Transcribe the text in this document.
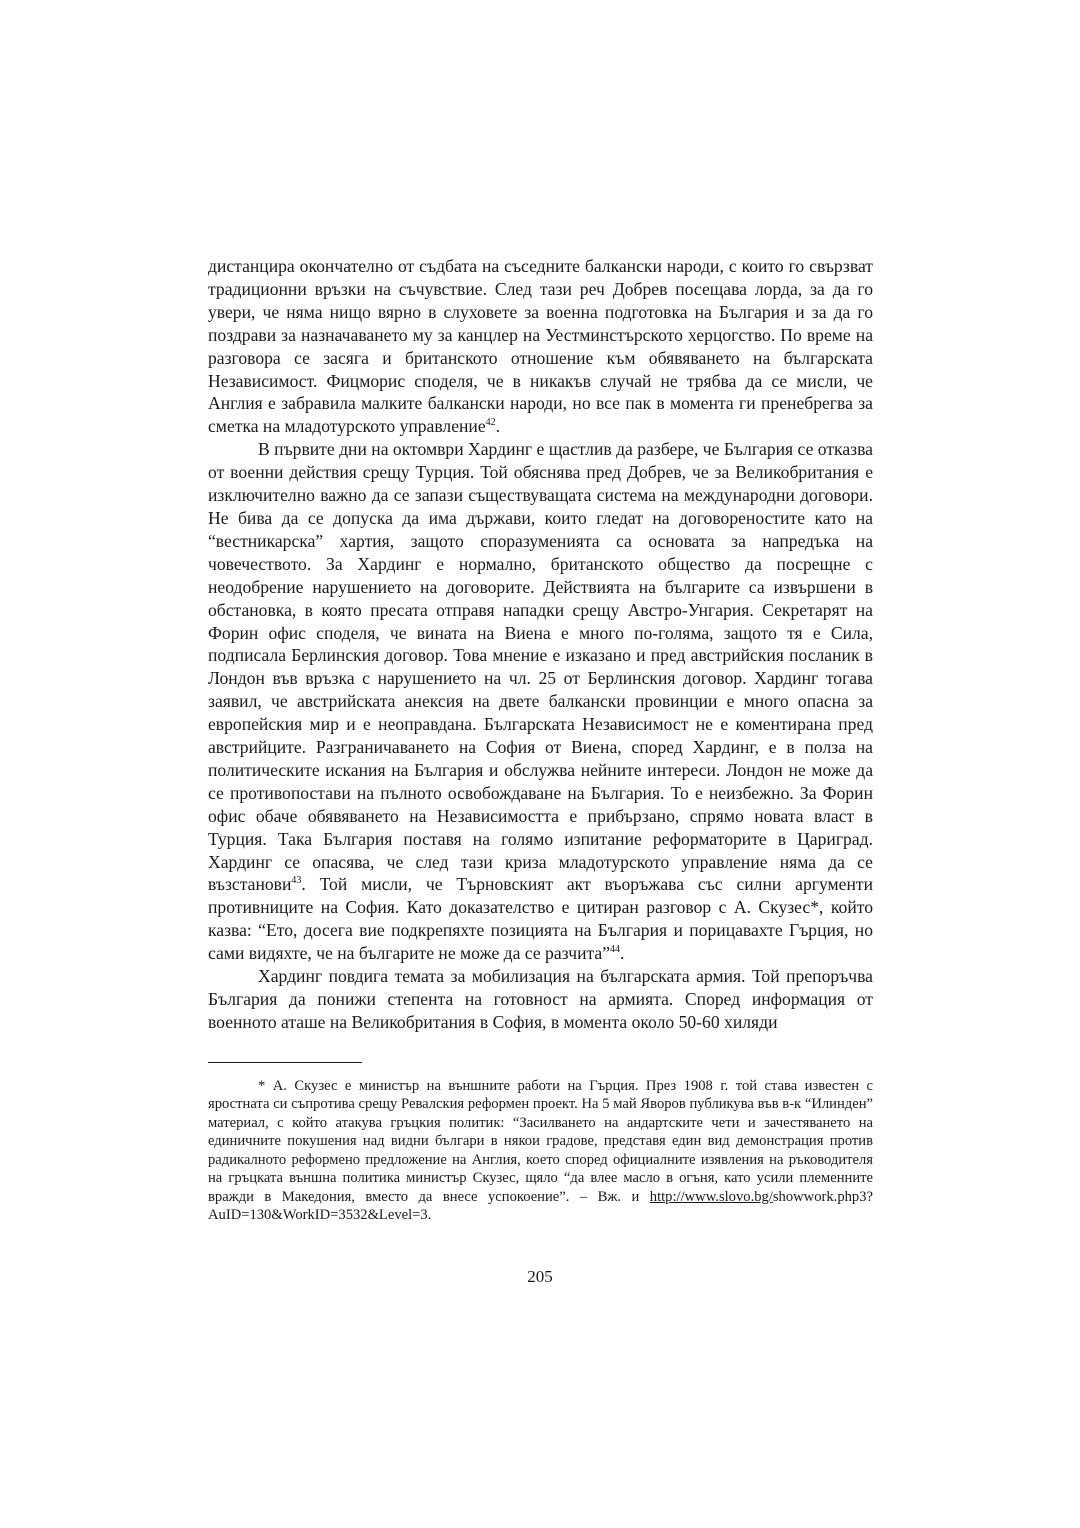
дистанцира окончателно от съдбата на съседните балкански народи, с които го свързват традиционни връзки на съчувствие. След тази реч Добрев посещава лорда, за да го увери, че няма нищо вярно в слуховете за военна подготовка на България и за да го поздрави за назначаването му за канцлер на Уестминстърското херцогство. По време на разговора се засяга и британското отношение към обявяването на българската Независимост. Фицморис споделя, че в никакъв случай не трябва да се мисли, че Англия е забравила малките балкански народи, но все пак в момента ги пренебрегва за сметка на младотурското управление$^{42}$.

В първите дни на октомври Хардинг е щастлив да разбере, че България се отказва от военни действия срещу Турция. Той обяснява пред Добрев, че за Великобритания е изключително важно да се запази съществуващата система на международни договори. Не бива да се допуска да има държави, които гледат на договореностите като на “вестникарска” хартия, защото споразуменията са основата за напредъка на човечеството. За Хардинг е нормално, британското общество да посрещне с неодобрение нарушението на договорите. Действията на българите са извършени в обстановка, в която пресата отправя нападки срещу Австро-Унгария. Секретарят на Форин офис споделя, че вината на Виена е много по-голяма, защото тя е Сила, подписала Берлинския договор. Това мнение е изказано и пред австрийския посланик в Лондон във връзка с нарушението на чл. 25 от Берлинския договор. Хардинг тогава заявил, че австрийската анексия на двете балкански провинции е много опасна за европейския мир и е неоправдана. Българската Независимост не е коментирана пред австрийците. Разграничаването на София от Виена, според Хардинг, е в полза на политическите искания на България и обслужва нейните интереси. Лондон не може да се противопостави на пълното освобождаване на България. То е неизбежно. За Форин офис обаче обявяването на Независимостта е прибързано, спрямо новата власт в Турция. Така България поставя на голямо изпитание реформаторите в Цариград. Хардинг се опасява, че след тази криза младотурското управление няма да се възстанови$^{43}$. Той мисли, че Търновският акт въоръжава със силни аргументи противниците на София. Като доказателство е цитиран разговор с А. Скузес*, който казва: “Ето, досега вие подкрепяхте позицията на България и порицавахте Гърция, но сами видяхте, че на българите не може да се разчита”$^{44}$.

Хардинг повдига темата за мобилизация на българската армия. Той препоръчва България да понижи степента на готовност на армията. Според информация от военното аташе на Великобритания в София, в момента около 50-60 хиляди

* А. Скузес е министър на външните работи на Гърция. През 1908 г. той става известен с яростната си съпротива срещу Ревалския реформен проект. На 5 май Яворов публикува във в-к “Илинден” материал, с който атакува гръцкия политик: “Засилването на андартските чети и зачестяването на единичните покушения над видни българи в някои градове, представя един вид демонстрация против радикалното реформено предложение на Англия, което според официалните изявления на ръководителя на гръцката външна политика министър Скузес, щяло “да влее масло в огъня, като усили племенните вражди в Македония, вместо да внесе успокоение”. – Вж. и http://www.slovo.bg/showwork.php3?AuID=130&WorkID=3532&Level=3.

205
